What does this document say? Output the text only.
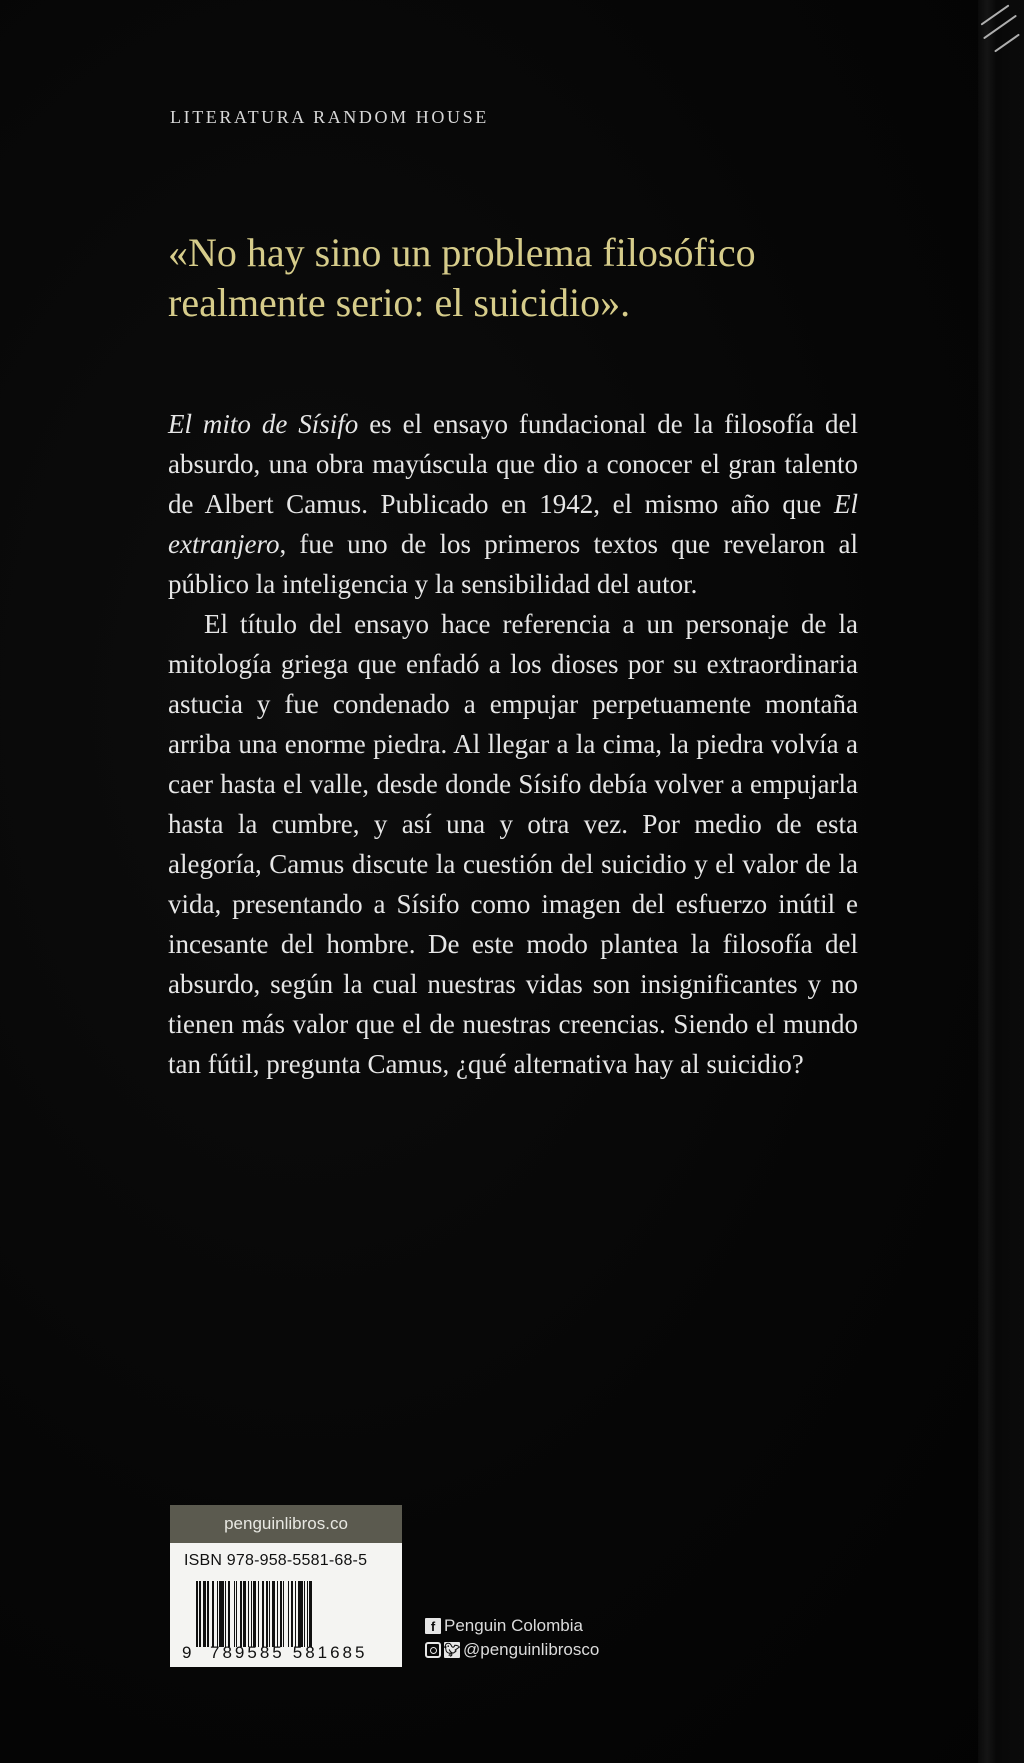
LITERATURA RANDOM HOUSE
«No hay sino un problema filosófico
realmente serio: el suicidio».

El mito de Sísifo es el ensayo fundacional de la filosofía del absurdo, una obra mayúscula que dio a conocer el gran talento de Albert Camus. Publicado en 1942, el mismo año que El extranjero, fue uno de los primeros textos que revelaron al público la inteligencia y la sensibilidad del autor.

El título del ensayo hace referencia a un personaje de la mitología griega que enfadó a los dioses por su extraordinaria astucia y fue condenado a empujar perpetuamente montaña arriba una enorme piedra. Al llegar a la cima, la piedra volvía a caer hasta el valle, desde donde Sísifo debía volver a empujarla hasta la cumbre, y así una y otra vez. Por medio de esta alegoría, Camus discute la cuestión del suicidio y el valor de la vida, presentando a Sísifo como imagen del esfuerzo inútil e incesante del hombre. De este modo plantea la filosofía del absurdo, según la cual nuestras vidas son insignificantes y no tienen más valor que el de nuestras creencias. Siendo el mundo tan fútil, pregunta Camus, ¿qué alternativa hay al suicidio?

penguinlibros.co
ISBN 978-958-5581-68-5
9	789585 581685
f Penguin Colombia
🐦︎ @penguinlibrosco
